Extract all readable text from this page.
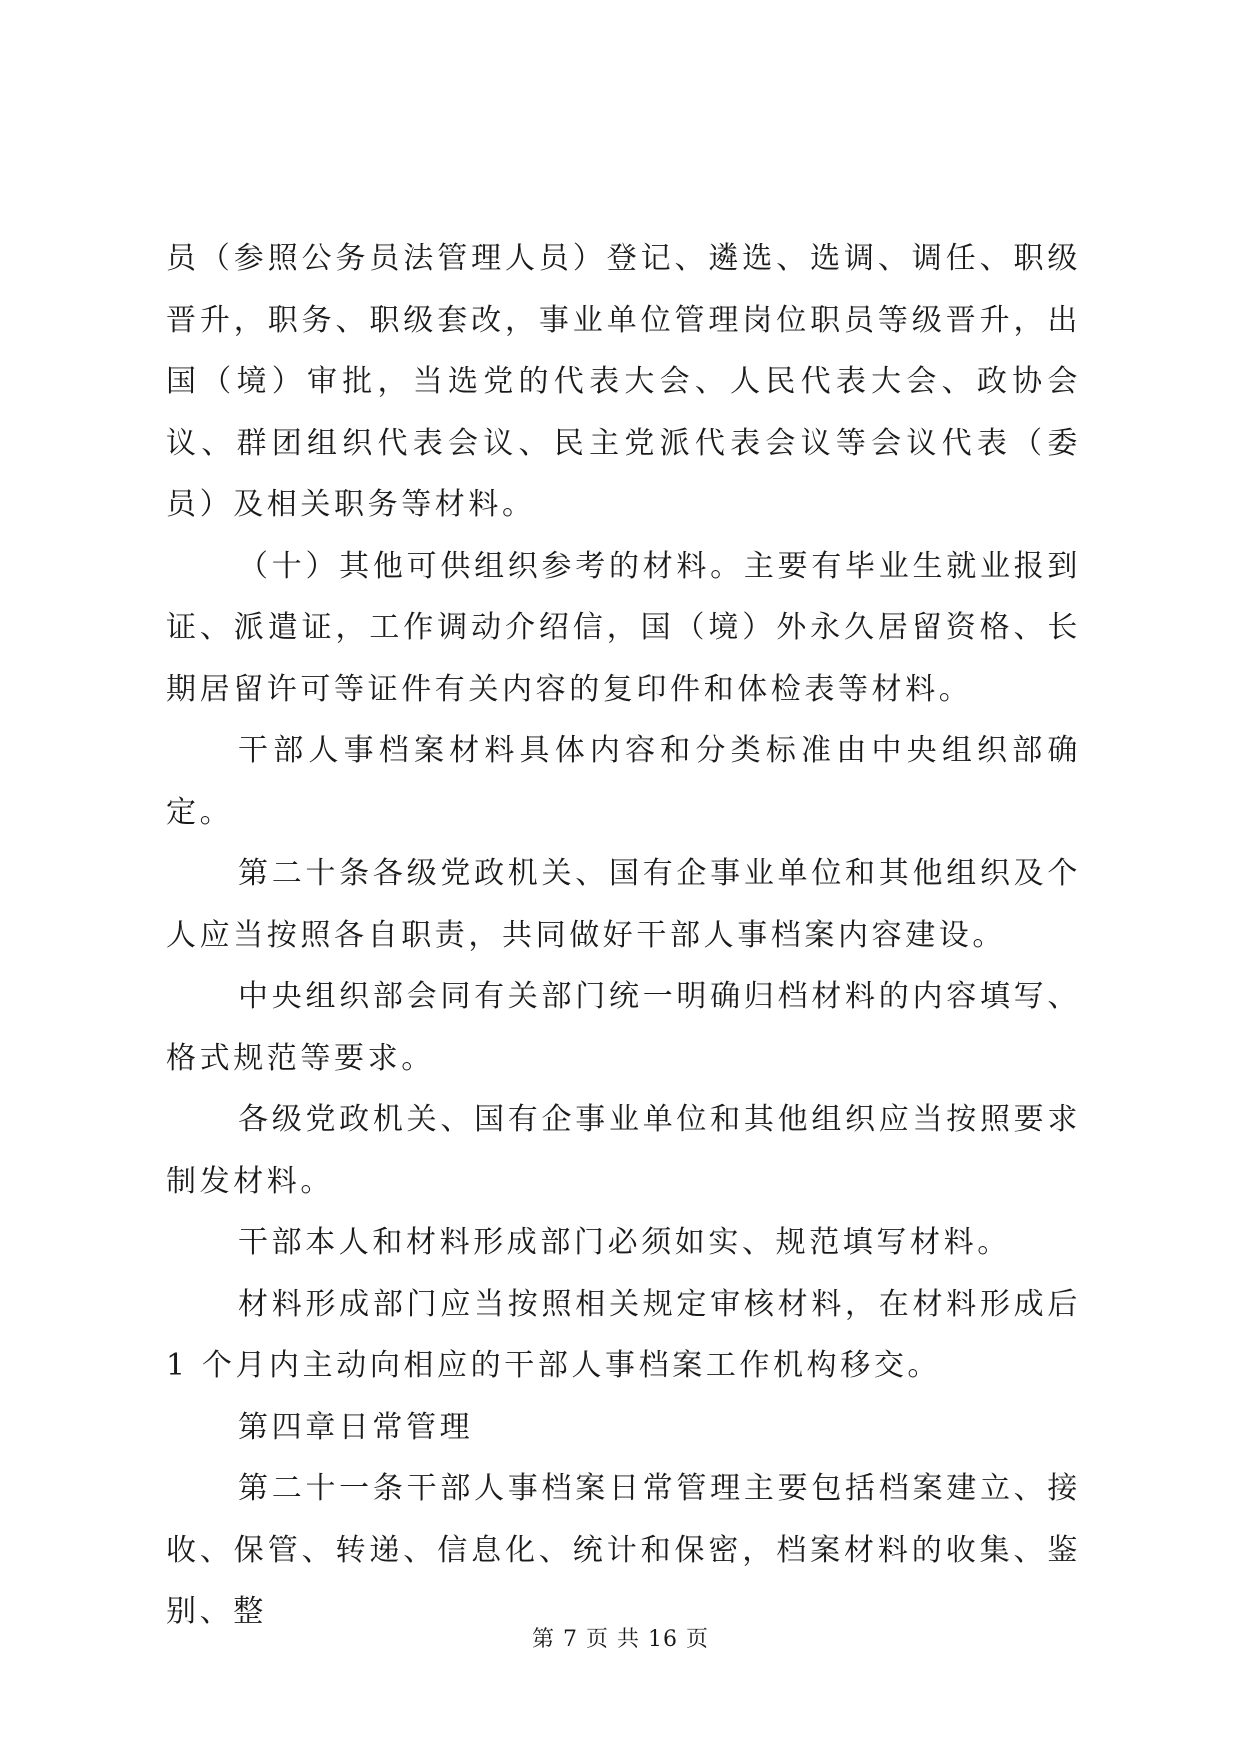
员（参照公务员法管理人员）登记、遴选、选调、调任、职级晋升，职务、职级套改，事业单位管理岗位职员等级晋升，出国（境）审批，当选党的代表大会、人民代表大会、政协会议、群团组织代表会议、民主党派代表会议等会议代表（委员）及相关职务等材料。

（十）其他可供组织参考的材料。主要有毕业生就业报到证、派遣证，工作调动介绍信，国（境）外永久居留资格、长期居留许可等证件有关内容的复印件和体检表等材料。

干部人事档案材料具体内容和分类标准由中央组织部确定。

第二十条各级党政机关、国有企事业单位和其他组织及个人应当按照各自职责，共同做好干部人事档案内容建设。

中央组织部会同有关部门统一明确归档材料的内容填写、格式规范等要求。

各级党政机关、国有企事业单位和其他组织应当按照要求制发材料。

干部本人和材料形成部门必须如实、规范填写材料。

材料形成部门应当按照相关规定审核材料，在材料形成后 1 个月内主动向相应的干部人事档案工作机构移交。

第四章日常管理

第二十一条干部人事档案日常管理主要包括档案建立、接收、保管、转递、信息化、统计和保密，档案材料的收集、鉴别、整

第 7 页 共 16 页
